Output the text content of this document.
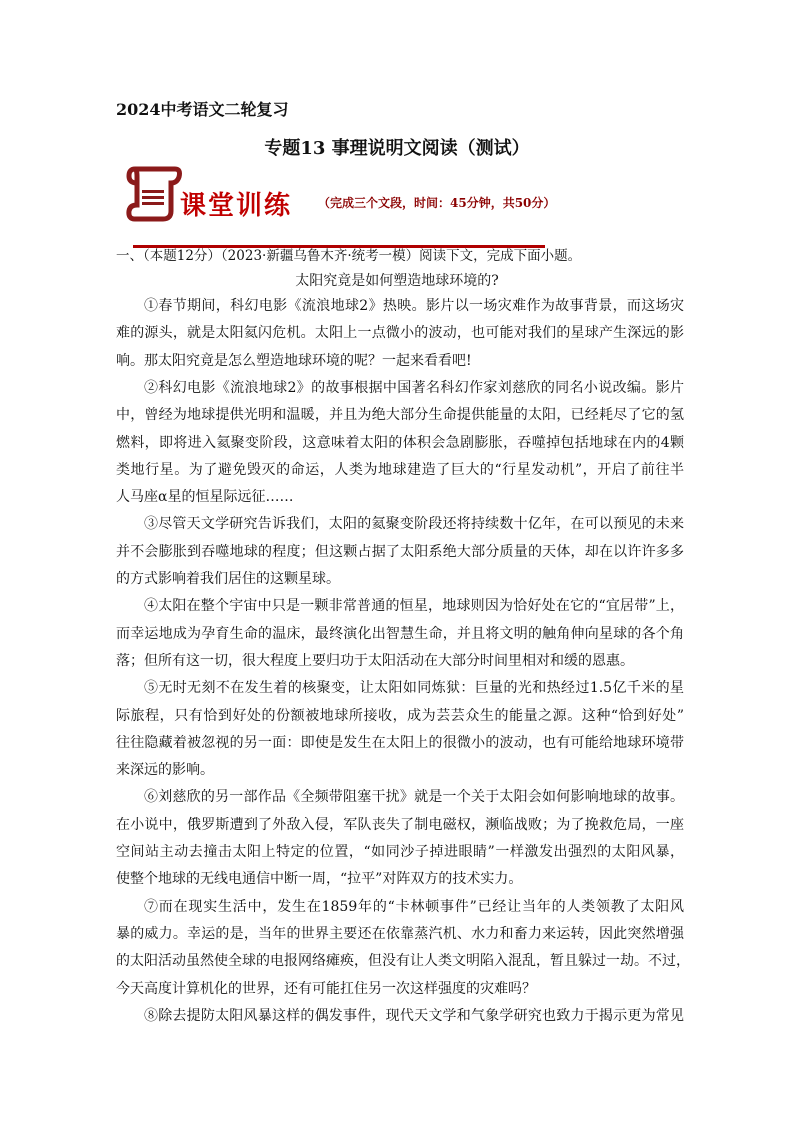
2024中考语文二轮复习
专题13 事理说明文阅读（测试）
课堂训练 （完成三个文段，时间：45分钟，共50分）
一、（本题12分）（2023·新疆乌鲁木齐·统考一模）阅读下文，完成下面小题。
太阳究竟是如何塑造地球环境的?
①春节期间，科幻电影《流浪地球2》热映。影片以一场灾难作为故事背景，而这场灾
难的源头，就是太阳氦闪危机。太阳上一点微小的波动，也可能对我们的星球产生深远的影
响。那太阳究竟是怎么塑造地球环境的呢？一起来看看吧!
②科幻电影《流浪地球2》的故事根据中国著名科幻作家刘慈欣的同名小说改编。影片
中，曾经为地球提供光明和温暖，并且为绝大部分生命提供能量的太阳，已经耗尽了它的氢
燃料，即将进入氦聚变阶段，这意味着太阳的体积会急剧膨胀，吞噬掉包括地球在内的4颗
类地行星。为了避免毁灭的命运，人类为地球建造了巨大的“行星发动机”，开启了前往半
人马座α星的恒星际远征……
③尽管天文学研究告诉我们，太阳的氦聚变阶段还将持续数十亿年，在可以预见的未来
并不会膨胀到吞噬地球的程度；但这颗占据了太阳系绝大部分质量的天体，却在以许许多多
的方式影响着我们居住的这颗星球。
④太阳在整个宇宙中只是一颗非常普通的恒星，地球则因为恰好处在它的“宜居带”上，
而幸运地成为孕育生命的温床，最终演化出智慧生命，并且将文明的触角伸向星球的各个角
落；但所有这一切，很大程度上要归功于太阳活动在大部分时间里相对和缓的恩惠。
⑤无时无刻不在发生着的核聚变，让太阳如同炼狱：巨量的光和热经过1.5亿千米的星
际旅程，只有恰到好处的份额被地球所接收，成为芸芸众生的能量之源。这种“恰到好处”
往往隐藏着被忽视的另一面：即使是发生在太阳上的很微小的波动，也有可能给地球环境带
来深远的影响。
⑥刘慈欣的另一部作品《全频带阻塞干扰》就是一个关于太阳会如何影响地球的故事。
在小说中，俄罗斯遭到了外敌入侵，军队丧失了制电磁权，濒临战败；为了挽救危局，一座
空间站主动去撞击太阳上特定的位置，“如同沙子掉进眼睛”一样激发出强烈的太阳风暴，
使整个地球的无线电通信中断一周，“拉平”对阵双方的技术实力。
⑦而在现实生活中，发生在1859年的“卡林顿事件”已经让当年的人类领教了太阳风
暴的威力。幸运的是，当年的世界主要还在依靠蒸汽机、水力和畜力来运转，因此突然增强
的太阳活动虽然使全球的电报网络瘫痪，但没有让人类文明陷入混乱，暂且躲过一劫。不过，
今天高度计算机化的世界，还有可能扛住另一次这样强度的灾难吗？
⑧除去提防太阳风暴这样的偶发事件，现代天文学和气象学研究也致力于揭示更为常见
